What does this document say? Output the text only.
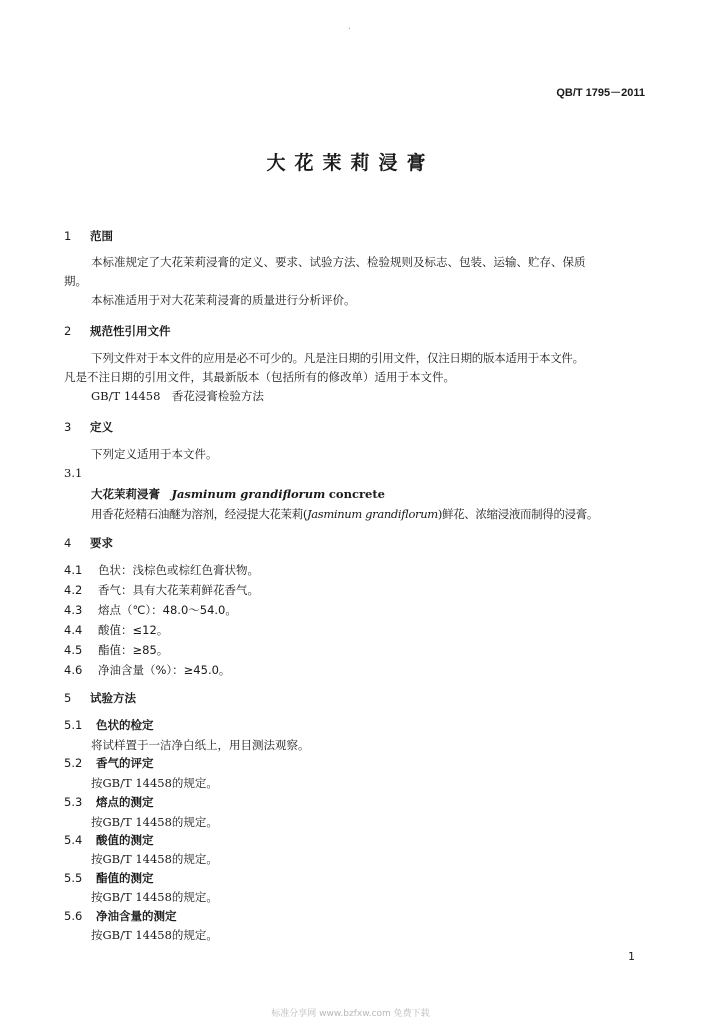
.
QB/T 1795－2011
大花茉莉浸膏
1 范围
本标准规定了大花茉莉浸膏的定义、要求、试验方法、检验规则及标志、包装、运输、贮存、保质
期。
本标准适用于对大花茉莉浸膏的质量进行分析评价。
2 规范性引用文件
下列文件对于本文件的应用是必不可少的。凡是注日期的引用文件，仅注日期的版本适用于本文件。
凡是不注日期的引用文件，其最新版本（包括所有的修改单）适用于本文件。
GB/T 14458　香花浸膏检验方法
3 定义
下列定义适用于本文件。
3.1
大花茉莉浸膏　 Jasminum grandiflorum concrete
用香花烃精石油醚为溶剂，经浸提大花茉莉(Jasminum grandiflorum)鲜花、浓缩浸液而制得的浸膏。
4 要求
4.1 色状：浅棕色或棕红色膏状物。
4.2 香气：具有大花茉莉鲜花香气。
4.3 熔点（℃）：48.0～54.0。
4.4 酸值：≤12。
4.5 酯值：≥85。
4.6 净油含量（%）：≥45.0。
5 试验方法
5.1 色状的检定
将试样置于一洁净白纸上，用目测法观察。
5.2 香气的评定
按GB/T 14458的规定。
5.3 熔点的测定
按GB/T 14458的规定。
5.4 酸值的测定
按GB/T 14458的规定。
5.5 酯值的测定
按GB/T 14458的规定。
5.6 净油含量的测定
按GB/T 14458的规定。
1
标准分享网 www.bzfxw.com 免费下载
